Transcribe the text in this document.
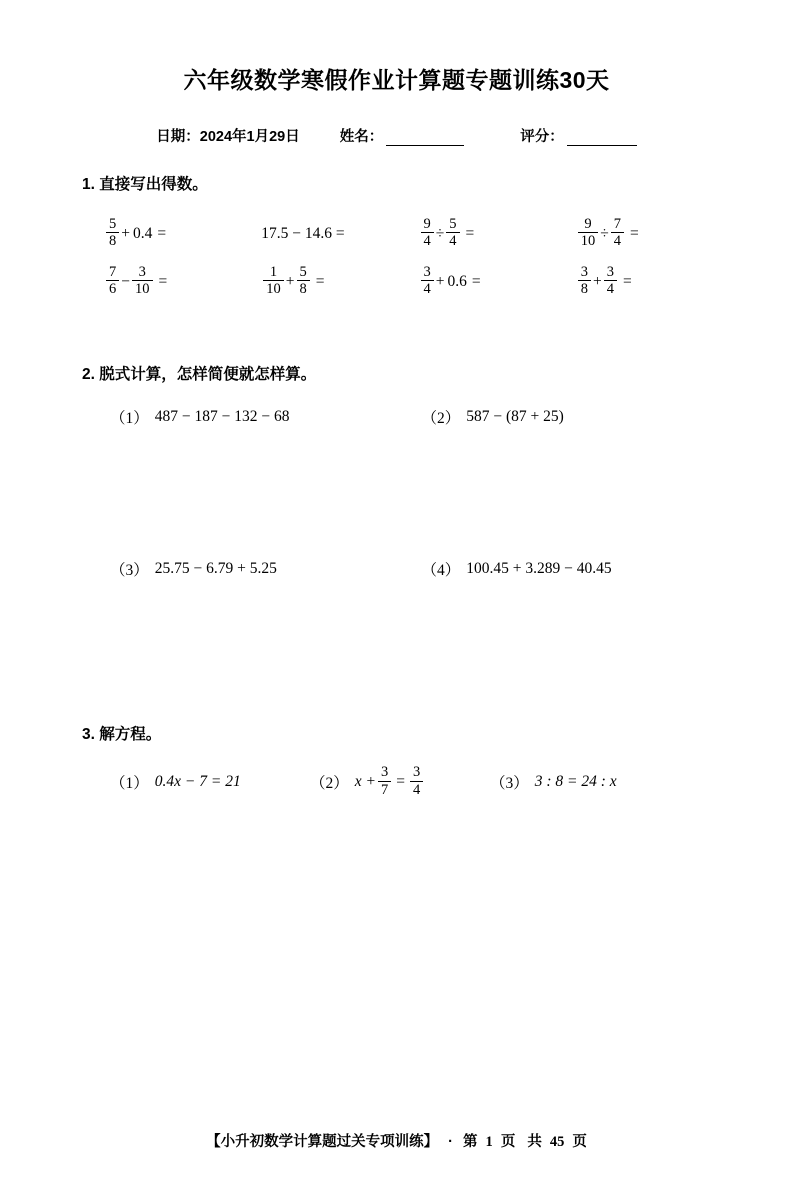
六年级数学寒假作业计算题专题训练30天
日期：2024年1月29日	姓名：	评分：
1. 直接写出得数。
$\frac{5}{8} + 0.4$ =	17.5 − 14.6 =	$\frac{9}{4} \div \frac{5}{4}$ =	$\frac{9}{10} \div \frac{7}{4}$ =
$\frac{7}{6} - \frac{3}{10}$ =	$\frac{1}{10} + \frac{5}{8}$ =	$\frac{3}{4} + 0.6$ =	$\frac{3}{8} + \frac{3}{4}$ =
2. 脱式计算，怎样简便就怎样算。
（1） 487 − 187 − 132 − 68	（2） 587 − (87 + 25)
（3） 25.75 − 6.79 + 5.25	（4） 100.45 + 3.289 − 40.45
3. 解方程。
（1） 0.4x − 7 = 21	（2） $x + \frac{3}{7} = \frac{3}{4}$	（3） 3 : 8 = 24 : x
【小升初数学计算题过关专项训练】 · 第 1 页 共 45 页
